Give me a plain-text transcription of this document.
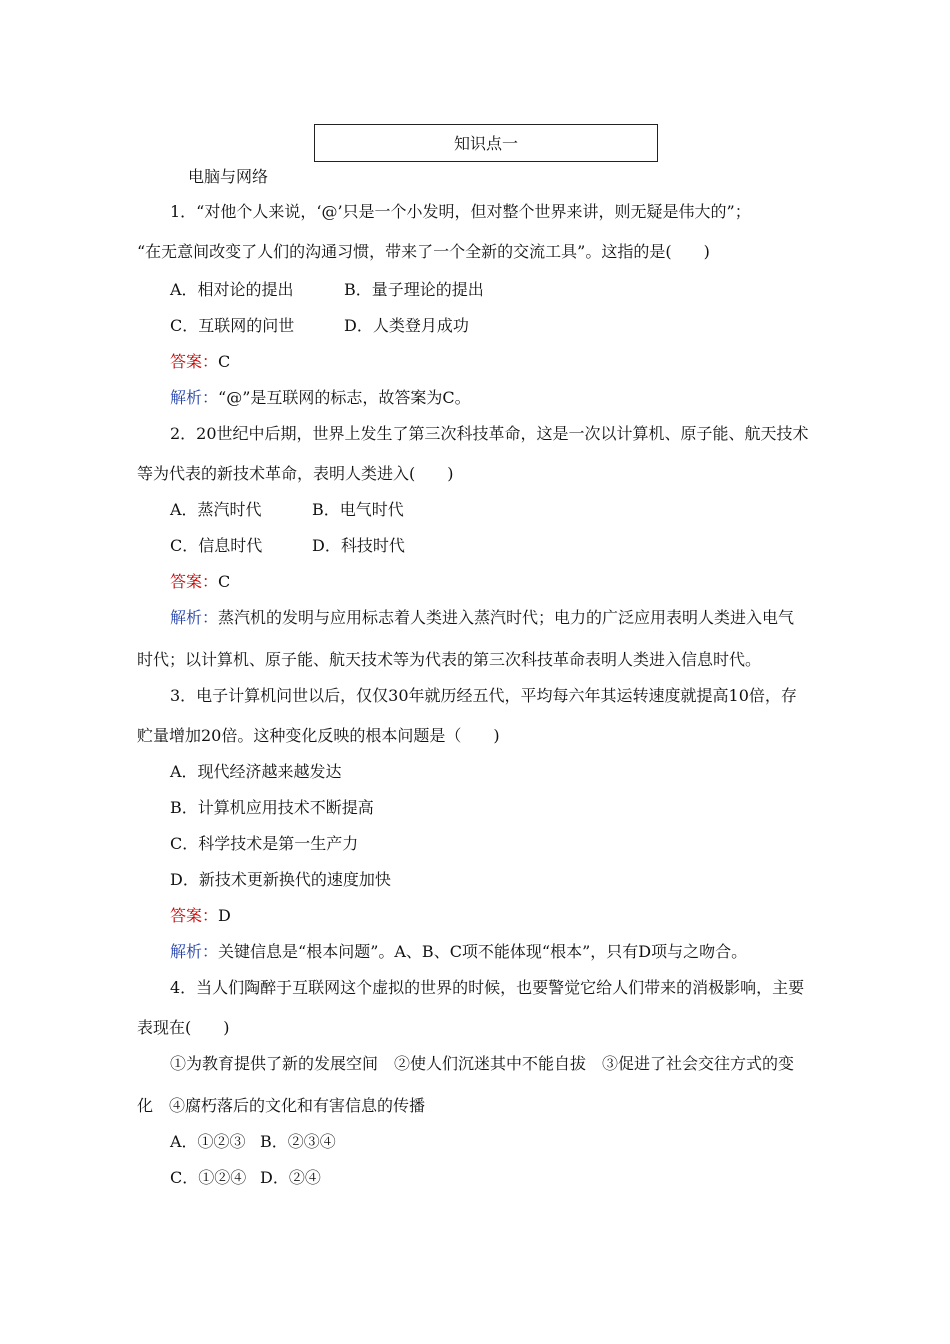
知识点一
电脑与网络
1．“对他个人来说，‘@’只是一个小发明，但对整个世界来讲，则无疑是伟大的”；
“在无意间改变了人们的沟通习惯，带来了一个全新的交流工具”。这指的是(　　)
A．相对论的提出	B．量子理论的提出
C．互联网的问世	D．人类登月成功
答案：C
解析：“@”是互联网的标志，故答案为C。
2．20世纪中后期，世界上发生了第三次科技革命，这是一次以计算机、原子能、航天技术
等为代表的新技术革命，表明人类进入(　　)
A．蒸汽时代	B．电气时代
C．信息时代	D．科技时代
答案：C
解析：蒸汽机的发明与应用标志着人类进入蒸汽时代；电力的广泛应用表明人类进入电气
时代；以计算机、原子能、航天技术等为代表的第三次科技革命表明人类进入信息时代。
3．电子计算机问世以后，仅仅30年就历经五代，平均每六年其运转速度就提高10倍，存
贮量增加20倍。这种变化反映的根本问题是（　　)
A．现代经济越来越发达
B．计算机应用技术不断提高
C．科学技术是第一生产力
D．新技术更新换代的速度加快
答案：D
解析：关键信息是“根本问题”。A、B、C项不能体现“根本”，只有D项与之吻合。
4．当人们陶醉于互联网这个虚拟的世界的时候，也要警觉它给人们带来的消极影响，主要
表现在(　　)
①为教育提供了新的发展空间　②使人们沉迷其中不能自拔　③促进了社会交往方式的变
化　④腐朽落后的文化和有害信息的传播
A．①②③ B．②③④
C．①②④ D．②④
